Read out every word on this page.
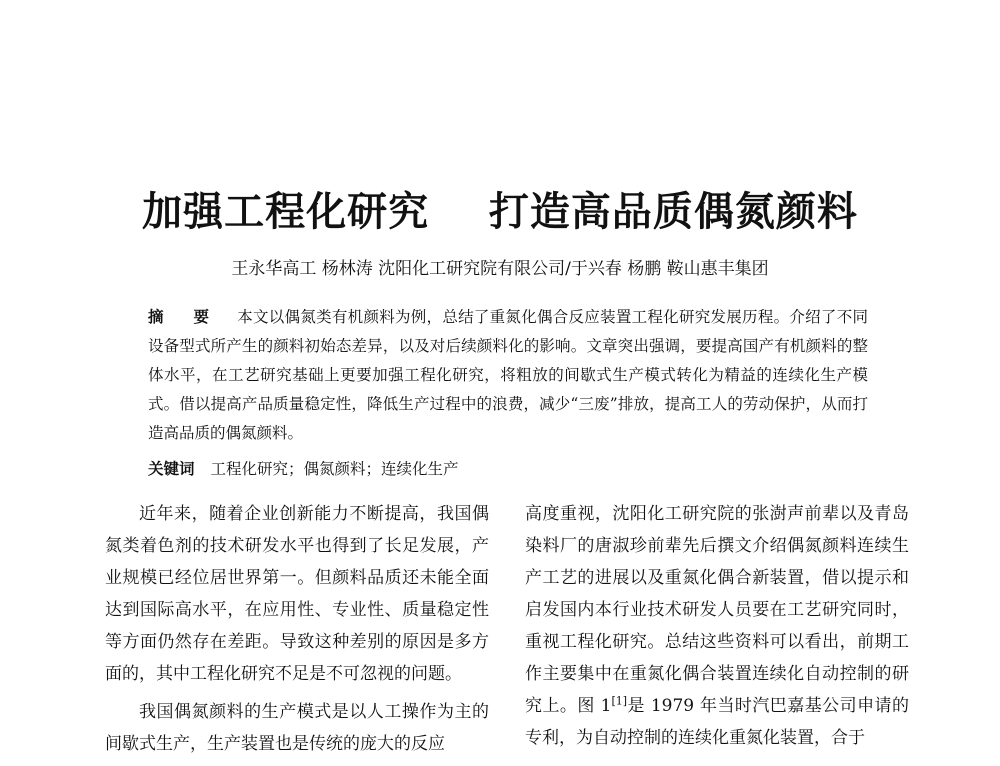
加强工程化研究    打造高品质偶氮颜料
王永华高工 杨林涛 沈阳化工研究院有限公司/于兴春 杨鹏 鞍山惠丰集团
摘 要 本文以偶氮类有机颜料为例，总结了重氮化偶合反应装置工程化研究发展历程。介绍了不同设备型式所产生的颜料初始态差异，以及对后续颜料化的影响。文章突出强调，要提高国产有机颜料的整体水平，在工艺研究基础上更要加强工程化研究，将粗放的间歇式生产模式转化为精益的连续化生产模式。借以提高产品质量稳定性，降低生产过程中的浪费，减少“三废”排放，提高工人的劳动保护，从而打造高品质的偶氮颜料。
关键词 工程化研究；偶氮颜料；连续化生产

近年来，随着企业创新能力不断提高，我国偶氮类着色剂的技术研发水平也得到了长足发展，产业规模已经位居世界第一。但颜料品质还未能全面达到国际高水平，在应用性、专业性、质量稳定性等方面仍然存在差距。导致这种差别的原因是多方面的，其中工程化研究不足是不可忽视的问题。

我国偶氮颜料的生产模式是以人工操作为主的间歇式生产，生产装置也是传统的庞大的反应

高度重视，沈阳化工研究院的张澍声前辈以及青岛染料厂的唐淑珍前辈先后撰文介绍偶氮颜料连续生产工艺的进展以及重氮化偶合新装置，借以提示和启发国内本行业技术研发人员要在工艺研究同时，重视工程化研究。总结这些资料可以看出，前期工作主要集中在重氮化偶合装置连续化自动控制的研究上。图 1[1]是 1979 年当时汽巴嘉基公司申请的专利，为自动控制的连续化重氮化装置，合于
